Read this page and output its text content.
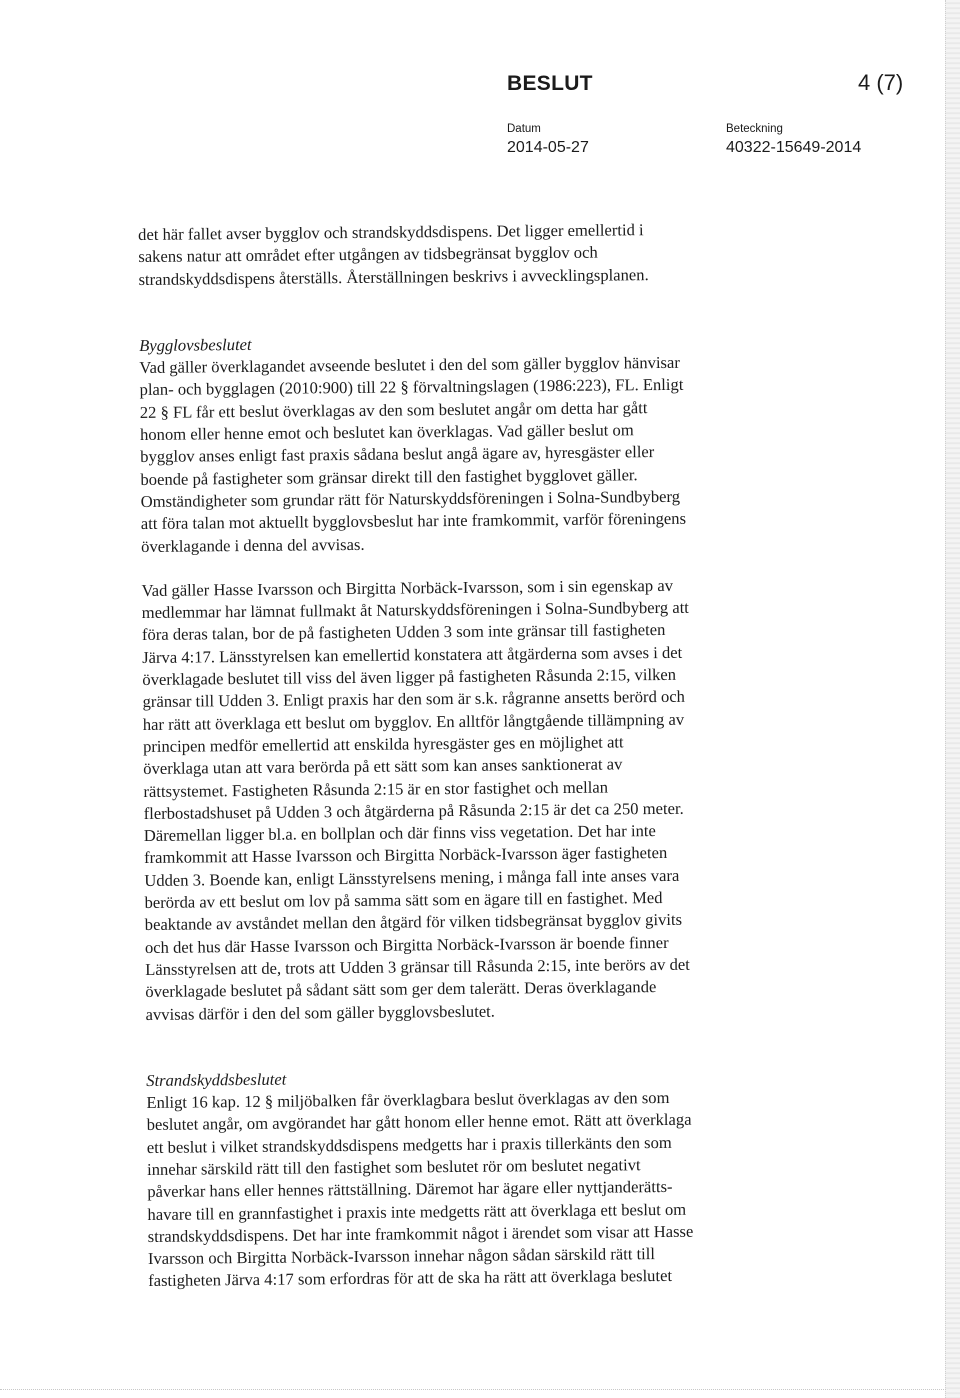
BESLUT	4 (7)
Datum
2014-05-27
Beteckning
40322-15649-2014

det här fallet avser bygglov och strandskyddsdispens. Det ligger emellertid i
sakens natur att området efter utgången av tidsbegränsat bygglov och
strandskyddsdispens återställs. Återställningen beskrivs i avvecklingsplanen.

Bygglovsbeslutet

Vad gäller överklagandet avseende beslutet i den del som gäller bygglov hänvisar
plan- och bygglagen (2010:900) till 22 § förvaltningslagen (1986:223), FL. Enligt
22 § FL får ett beslut överklagas av den som beslutet angår om detta har gått
honom eller henne emot och beslutet kan överklagas. Vad gäller beslut om
bygglov anses enligt fast praxis sådana beslut angå ägare av, hyresgäster eller
boende på fastigheter som gränsar direkt till den fastighet bygglovet gäller.
Omständigheter som grundar rätt för Naturskyddsföreningen i Solna-Sundbyberg
att föra talan mot aktuellt bygglovsbeslut har inte framkommit, varför föreningens
överklagande i denna del avvisas.

Vad gäller Hasse Ivarsson och Birgitta Norbäck-Ivarsson, som i sin egenskap av
medlemmar har lämnat fullmakt åt Naturskyddsföreningen i Solna-Sundbyberg att
föra deras talan, bor de på fastigheten Udden 3 som inte gränsar till fastigheten
Järva 4:17. Länsstyrelsen kan emellertid konstatera att åtgärderna som avses i det
överklagade beslutet till viss del även ligger på fastigheten Råsunda 2:15, vilken
gränsar till Udden 3. Enligt praxis har den som är s.k. rågranne ansetts berörd och
har rätt att överklaga ett beslut om bygglov. En alltför långtgående tillämpning av
principen medför emellertid att enskilda hyresgäster ges en möjlighet att
överklaga utan att vara berörda på ett sätt som kan anses sanktionerat av
rättsystemet. Fastigheten Råsunda 2:15 är en stor fastighet och mellan
flerbostadshuset på Udden 3 och åtgärderna på Råsunda 2:15 är det ca 250 meter.
Däremellan ligger bl.a. en bollplan och där finns viss vegetation. Det har inte
framkommit att Hasse Ivarsson och Birgitta Norbäck-Ivarsson äger fastigheten
Udden 3. Boende kan, enligt Länsstyrelsens mening, i många fall inte anses vara
berörda av ett beslut om lov på samma sätt som en ägare till en fastighet. Med
beaktande av avståndet mellan den åtgärd för vilken tidsbegränsat bygglov givits
och det hus där Hasse Ivarsson och Birgitta Norbäck-Ivarsson är boende finner
Länsstyrelsen att de, trots att Udden 3 gränsar till Råsunda 2:15, inte berörs av det
överklagade beslutet på sådant sätt som ger dem talerätt. Deras överklagande
avvisas därför i den del som gäller bygglovsbeslutet.

Strandskyddsbeslutet

Enligt 16 kap. 12 § miljöbalken får överklagbara beslut överklagas av den som
beslutet angår, om avgörandet har gått honom eller henne emot. Rätt att överklaga
ett beslut i vilket strandskyddsdispens medgetts har i praxis tillerkänts den som
innehar särskild rätt till den fastighet som beslutet rör om beslutet negativt
påverkar hans eller hennes rättställning. Däremot har ägare eller nyttjanderätts-
havare till en grannfastighet i praxis inte medgetts rätt att överklaga ett beslut om
strandskyddsdispens. Det har inte framkommit något i ärendet som visar att Hasse
Ivarsson och Birgitta Norbäck-Ivarsson innehar någon sådan särskild rätt till
fastigheten Järva 4:17 som erfordras för att de ska ha rätt att överklaga beslutet
